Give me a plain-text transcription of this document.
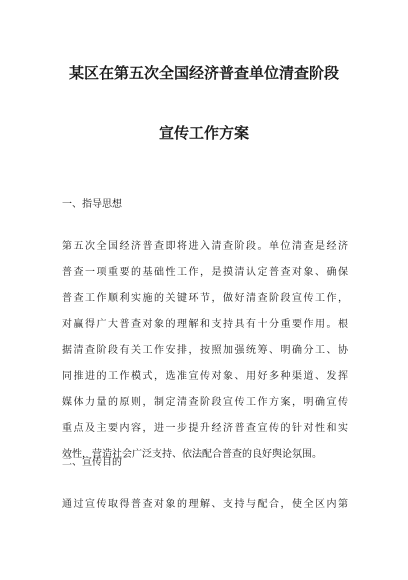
某区在第五次全国经济普查单位清查阶段
宣传工作方案
一、指导思想
第五次全国经济普查即将进入清查阶段。单位清查是经济
普查一项重要的基础性工作，是摸清认定普查对象、确保
普查工作顺利实施的关键环节，做好清查阶段宣传工作，
对赢得广大普查对象的理解和支持具有十分重要作用。根
据清查阶段有关工作安排，按照加强统筹、明确分工、协
同推进的工作模式，选准宣传对象、用好多种渠道、发挥
媒体力量的原则，制定清查阶段宣传工作方案，明确宣传
重点及主要内容，进一步提升经济普查宣传的针对性和实
效性，营造社会广泛支持、依法配合普查的良好舆论氛围。
二、宣传目的
通过宣传取得普查对象的理解、支持与配合，使全区内第
